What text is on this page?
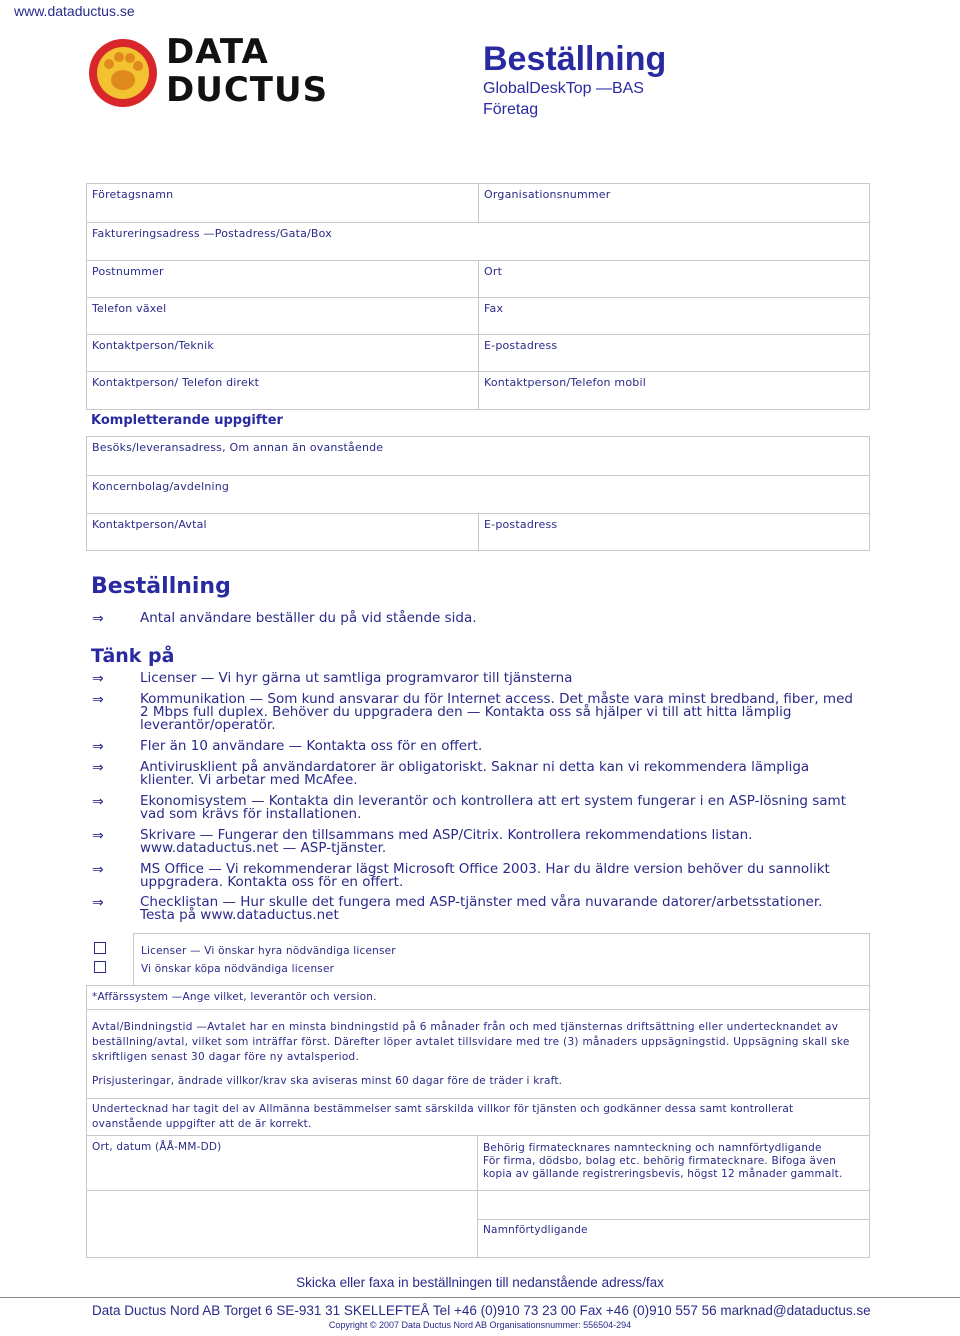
www.dataductus.se
DATA
DUCTUS
Beställning
GlobalDeskTop —BAS
Företag
Företagsnamn	Organisationsnummer
Faktureringsadress —Postadress/Gata/Box
Postnummer	Ort
Telefon växel	Fax
Kontaktperson/Teknik	E-postadress
Kontaktperson/ Telefon direkt	Kontaktperson/Telefon mobil
Kompletterande uppgifter
Besöks/leveransadress, Om annan än ovanstående
Koncernbolag/avdelning
Kontaktperson/Avtal	E-postadress
Beställning
⇒	Antal användare beställer du på vid stående sida.
Tänk på
⇒	Licenser — Vi hyr gärna ut samtliga programvaror till tjänsterna
⇒	Kommunikation — Som kund ansvarar du för Internet access. Det måste vara minst bredband, fiber, med 2 Mbps full duplex. Behöver du uppgradera den — Kontakta oss så hjälper vi till att hitta lämplig leverantör/operatör.
⇒	Fler än 10 användare — Kontakta oss för en offert.
⇒	Antivirusklient på användardatorer är obligatoriskt. Saknar ni detta kan vi rekommendera lämpliga klienter. Vi arbetar med McAfee.
⇒	Ekonomisystem — Kontakta din leverantör och kontrollera att ert system fungerar i en ASP-lösning samt vad som krävs för installationen.
⇒	Skrivare — Fungerar den tillsammans med ASP/Citrix. Kontrollera rekommendations listan. www.dataductus.net — ASP-tjänster.
⇒	MS Office — Vi rekommenderar lägst Microsoft Office 2003. Har du äldre version behöver du sannolikt uppgradera. Kontakta oss för en offert.
⇒	Checklistan — Hur skulle det fungera med ASP-tjänster med våra nuvarande datorer/arbetsstationer. Testa på www.dataductus.net
Licenser — Vi önskar hyra nödvändiga licenser
Vi önskar köpa nödvändiga licenser
*Affärssystem —Ange vilket, leverantör och version.
Avtal/Bindningstid —Avtalet har en minsta bindningstid på 6 månader från och med tjänsternas driftsättning eller undertecknandet av beställning/avtal, vilket som inträffar först. Därefter löper avtalet tillsvidare med tre (3) månaders uppsägningstid. Uppsägning skall ske skriftligen senast 30 dagar före ny avtalsperiod.
Prisjusteringar, ändrade villkor/krav ska aviseras minst 60 dagar före de träder i kraft.
Undertecknad har tagit del av Allmänna bestämmelser samt särskilda villkor för tjänsten och godkänner dessa samt kontrollerat ovanstående uppgifter att de är korrekt.
Ort, datum (ÅÅ-MM-DD)	Behörig firmatecknares namnteckning och namnförtydligande
För firma, dödsbo, bolag etc. behörig firmatecknare. Bifoga även kopia av gällande registreringsbevis, högst 12 månader gammalt.
Namnförtydligande
Skicka eller faxa in beställningen till nedanstående adress/fax
Data Ductus Nord AB Torget 6 SE-931 31 SKELLEFTEÅ Tel +46 (0)910 73 23 00 Fax +46 (0)910 557 56 marknad@dataductus.se
Copyright © 2007 Data Ductus Nord AB Organisationsnummer: 556504-294
